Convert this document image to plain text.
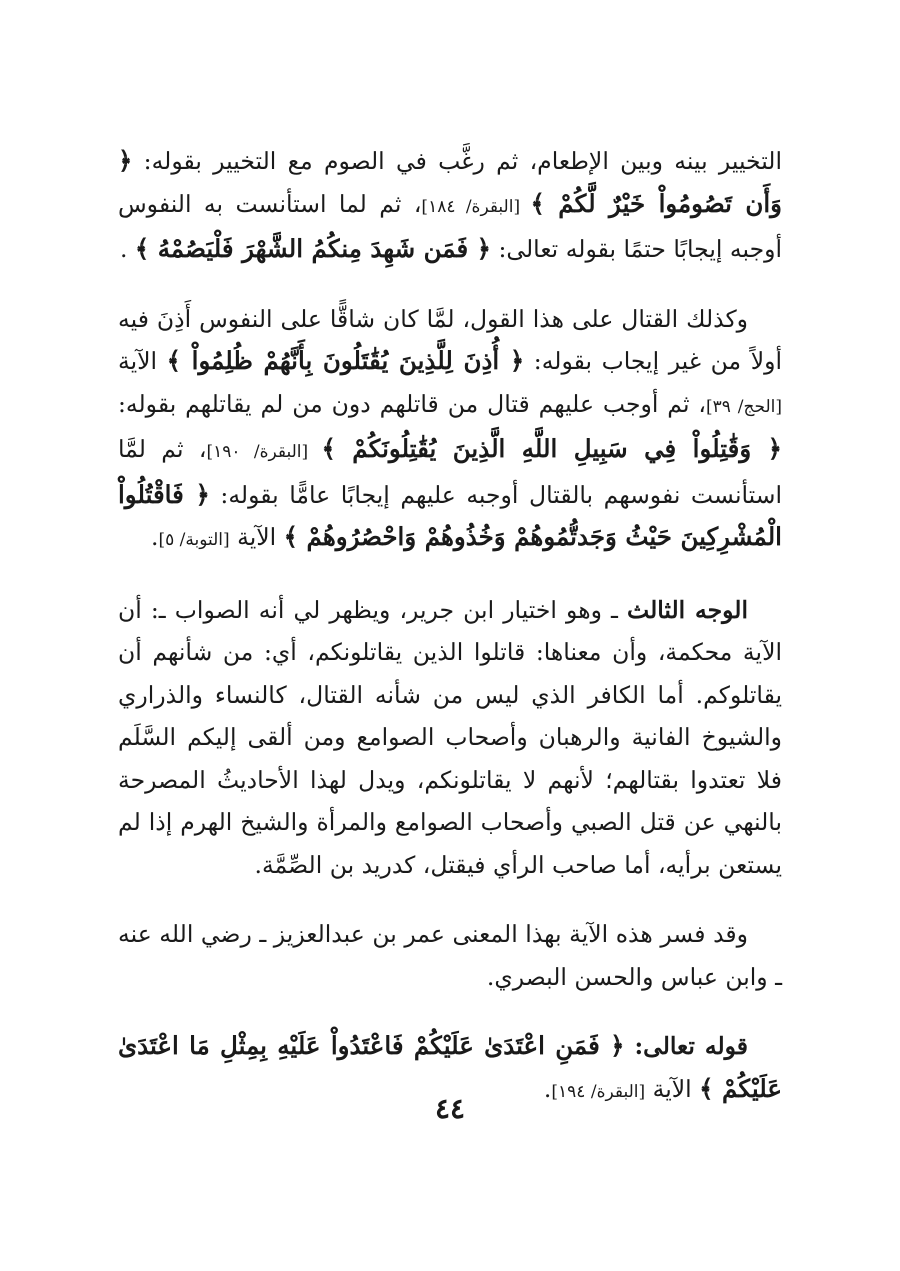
التخيير بينه وبين الإطعام، ثم رغَّب في الصوم مع التخيير بقوله: ﴿ وَأَن تَصُومُواْ خَيْرٌ لَّكُمْ ﴾ [البقرة/ ١٨٤]، ثم لما استأنست به النفوس أوجبه إيجابًا حتمًا بقوله تعالى: ﴿ فَمَن شَهِدَ مِنكُمُ الشَّهْرَ فَلْيَصُمْهُ ﴾ .

وكذلك القتال على هذا القول، لمَّا كان شاقًّا على النفوس أَذِنَ فيه أولاً من غير إيجاب بقوله: ﴿ أُذِنَ لِلَّذِينَ يُقَٰتَلُونَ بِأَنَّهُمْ ظُلِمُواْ ﴾ الآية [الحج/ ٣٩]، ثم أوجب عليهم قتال من قاتلهم دون من لم يقاتلهم بقوله: ﴿ وَقَٰتِلُواْ فِي سَبِيلِ اللَّهِ الَّذِينَ يُقَٰتِلُونَكُمْ ﴾ [البقرة/ ١٩٠]، ثم لمَّا استأنست نفوسهم بالقتال أوجبه عليهم إيجابًا عامًّا بقوله: ﴿ فَاقْتُلُواْ الْمُشْرِكِينَ حَيْثُ وَجَدتُّمُوهُمْ وَخُذُوهُمْ وَاحْصُرُوهُمْ ﴾ الآية [التوبة/ ٥].

الوجه الثالث ـ وهو اختيار ابن جرير، ويظهر لي أنه الصواب ـ: أن الآية محكمة، وأن معناها: قاتلوا الذين يقاتلونكم، أي: من شأنهم أن يقاتلوكم. أما الكافر الذي ليس من شأنه القتال، كالنساء والذراري والشيوخ الفانية والرهبان وأصحاب الصوامع ومن ألقى إليكم السَّلَم فلا تعتدوا بقتالهم؛ لأنهم لا يقاتلونكم، ويدل لهذا الأحاديثُ المصرحة بالنهي عن قتل الصبي وأصحاب الصوامع والمرأة والشيخ الهرم إذا لم يستعن برأيه، أما صاحب الرأي فيقتل، كدريد بن الصِّمَّة.

وقد فسر هذه الآية بهذا المعنى عمر بن عبدالعزيز ـ رضي الله عنه ـ وابن عباس والحسن البصري.

قوله تعالى: ﴿ فَمَنِ اعْتَدَىٰ عَلَيْكُمْ فَاعْتَدُواْ عَلَيْهِ بِمِثْلِ مَا اعْتَدَىٰ عَلَيْكُمْ ﴾ الآية [البقرة/ ١٩٤].

٤٤
